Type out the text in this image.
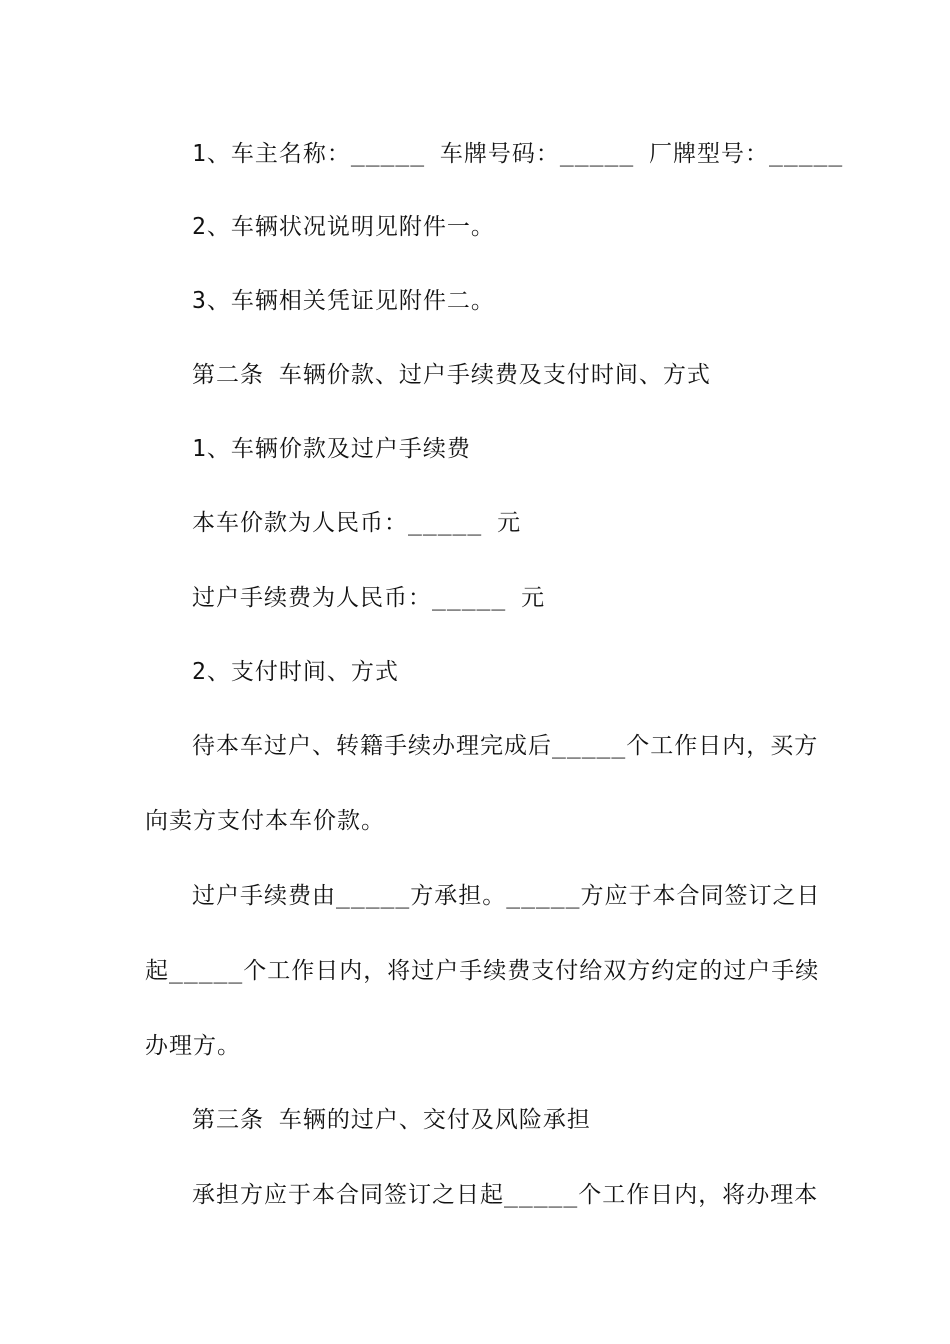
1、车主名称：_____ 车牌号码：_____ 厂牌型号：_____

2、车辆状况说明见附件一。

3、车辆相关凭证见附件二。

第二条 车辆价款、过户手续费及支付时间、方式

1、车辆价款及过户手续费

本车价款为人民币：_____ 元

过户手续费为人民币：_____ 元

2、支付时间、方式

待本车过户、转籍手续办理完成后_____个工作日内，买方

向卖方支付本车价款。

过户手续费由_____方承担。_____方应于本合同签订之日

起_____个工作日内，将过户手续费支付给双方约定的过户手续

办理方。

第三条 车辆的过户、交付及风险承担

承担方应于本合同签订之日起_____个工作日内，将办理本
